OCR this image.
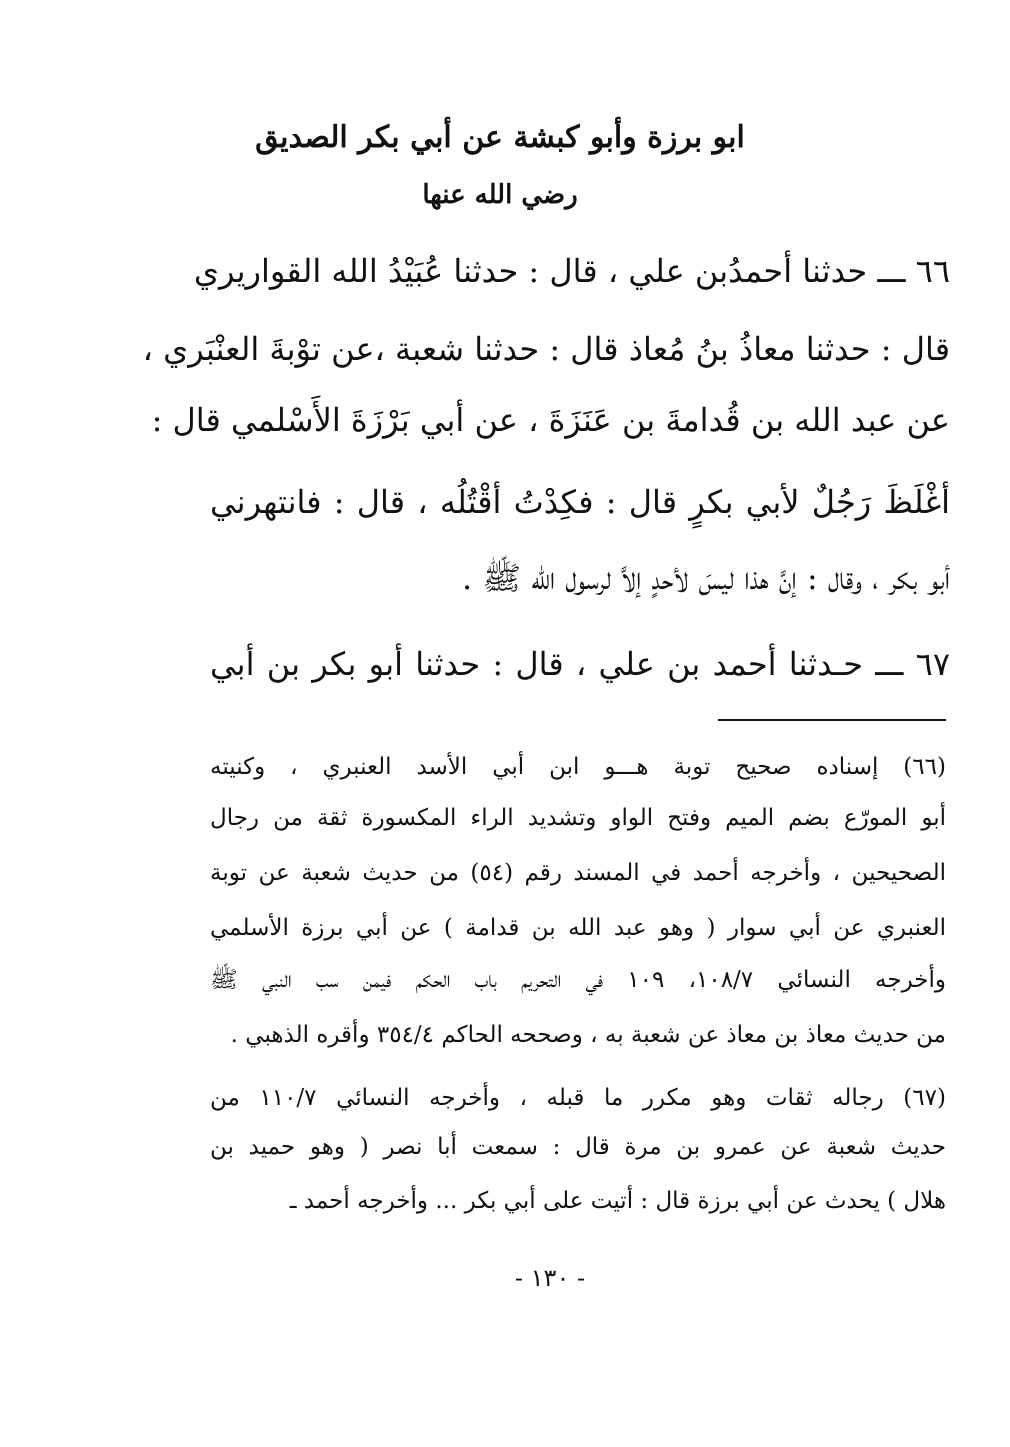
ابو برزة وأبو كبشة عن أبي بكر الصديق
رضي الله عنها
٦٦ ـــ حدثنا أحمدُبن علي ، قال : حدثنا عُبَيْدُ الله القواريري
قال : حدثنا معاذُ بنُ مُعاذ قال : حدثنا شعبة ،عن توْبةَ العنْبَري ،
عن عبد الله بن قُدامةَ بن عَنَزَةَ ، عن أبي بَرْزَةَ الأَسْلمي قال :
أغْلَظَ رَجُلٌ لأبي بكرٍ قال : فكِدْتُ أقْتُلُه ، قال : فانتهرني
أبو بكر ، وقال : إنَّ هذا ليسَ لأحدٍ إلاَّ لرسول الله ﷺ .
٦٧ ـــ حـدثنا أحمد بن علي ، قال : حدثنا أبو بكر بن أبي
(٦٦) إسناده صحيح توبة هـــو ابن أبي الأسد العنبري ، وكنيته
أبو المورّع بضم الميم وفتح الواو وتشديد الراء المكسورة ثقة من رجال
الصحيحين ، وأخرجه أحمد في المسند رقم (٥٤) من حديث شعبة عن توبة
العنبري عن أبي سوار ( وهو عبد الله بن قدامة ) عن أبي برزة الأسلمي
وأخرجه النسائي ١٠٨/٧، ١٠٩ في التحريم باب الحكم فيمن سب النبي ﷺ
من حديث معاذ بن معاذ عن شعبة به ، وصححه الحاكم ٣٥٤/٤ وأقره الذهبي .
(٦٧) رجاله ثقات وهو مكرر ما قبله ، وأخرجه النسائي ١١٠/٧ من
حديث شعبة عن عمرو بن مرة قال : سمعت أبا نصر ( وهو حميد بن
هلال ) يحدث عن أبي برزة قال : أتيت على أبي بكر ... وأخرجه أحمد ـ
- ١٣٠ -
